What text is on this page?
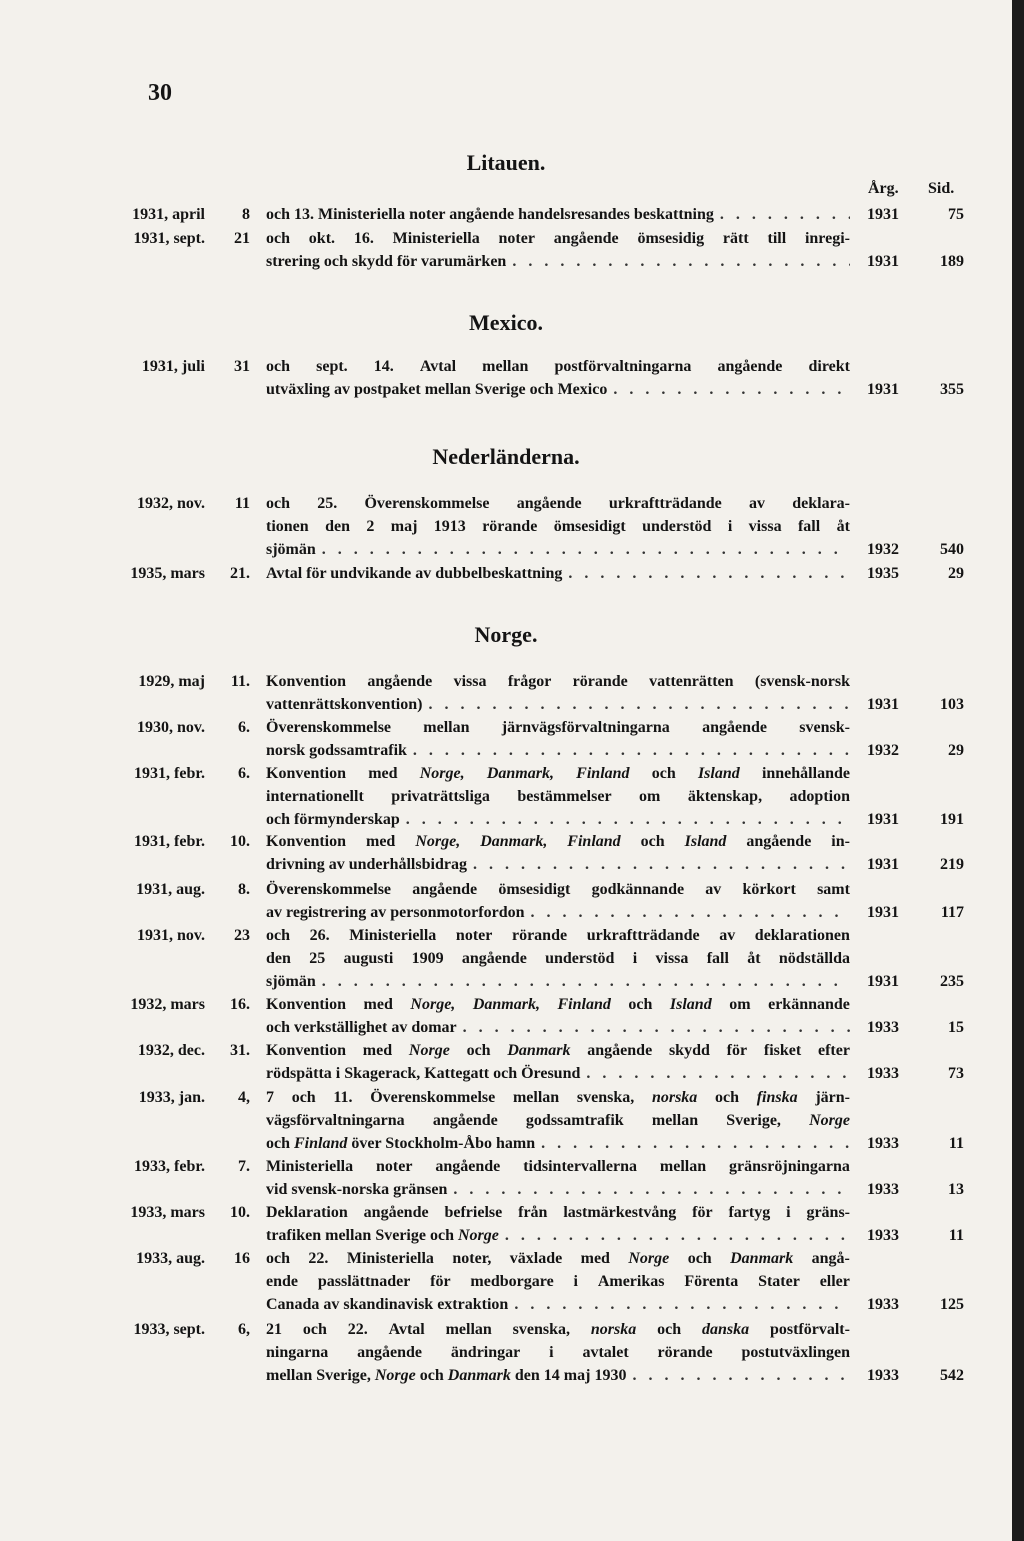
30
Årg. Sid.
Litauen.
1931, april	8 och 13. Ministeriella noter angående handelsresandes beskattning . . .	1931	75
1931, sept.	21 och okt. 16. Ministeriella noter angående ömsesidig rätt till inregi-
strering och skydd för varumärken . . .	1931	189
Mexico.
1931, juli	31 och sept. 14. Avtal mellan postförvaltningarna angående direkt
utväxling av postpaket mellan Sverige och Mexico . . .	1931	355
Nederländerna.
1932, nov.	11 och 25. Överenskommelse angående urkraftträdande av deklara-
tionen den 2 maj 1913 rörande ömsesidigt understöd i vissa fall åt
sjömän . . .	1932	540
1935, mars	21. Avtal för undvikande av dubbelbeskattning . . .	1935	29
Norge.
1929, maj	11. Konvention angående vissa frågor rörande vattenrätten (svensk-norsk
vattenrättskonvention) . . .	1931	103
1930, nov.	6. Överenskommelse mellan järnvägsförvaltningarna angående svensk-
norsk godssamtrafik . . .	1932	29
1931, febr.	6. Konvention med Norge, Danmark, Finland och Island innehållande
internationellt privaträttsliga bestämmelser om äktenskap, adoption
och förmynderskap . . .	1931	191
1931, febr.	10. Konvention med Norge, Danmark, Finland och Island angående in-
drivning av underhållsbidrag . . .	1931	219
1931, aug.	8. Överenskommelse angående ömsesidigt godkännande av körkort samt
av registrering av personmotorfordon . . .	1931	117
1931, nov.	23 och 26. Ministeriella noter rörande urkraftträdande av deklarationen
den 25 augusti 1909 angående understöd i vissa fall åt nödställda
sjömän . . .	1931	235
1932, mars	16. Konvention med Norge, Danmark, Finland och Island om erkännande
och verkställighet av domar . . .	1933	15
1932, dec.	31. Konvention med Norge och Danmark angående skydd för fisket efter
rödspätta i Skagerack, Kattegatt och Öresund . . .	1933	73
1933, jan.	4, 7 och 11. Överenskommelse mellan svenska, norska och finska järn-
vägsförvaltningarna angående godssamtrafik mellan Sverige, Norge
och Finland över Stockholm-Åbo hamn . . .	1933	11
1933, febr.	7. Ministeriella noter angående tidsintervallerna mellan gränsröjningarna
vid svensk-norska gränsen . . .	1933	13
1933, mars	10. Deklaration angående befrielse från lastmärkestvång för fartyg i gräns-
trafiken mellan Sverige och Norge . . .	1933	11
1933, aug.	16 och 22. Ministeriella noter, växlade med Norge och Danmark angå-
ende passlättnader för medborgare i Amerikas Förenta Stater eller
Canada av skandinavisk extraktion . . .	1933	125
1933, sept.	6, 21 och 22. Avtal mellan svenska, norska och danska postförvalt-
ningarna angående ändringar i avtalet rörande postutväxlingen
mellan Sverige, Norge och Danmark den 14 maj 1930 . . .	1933	542
